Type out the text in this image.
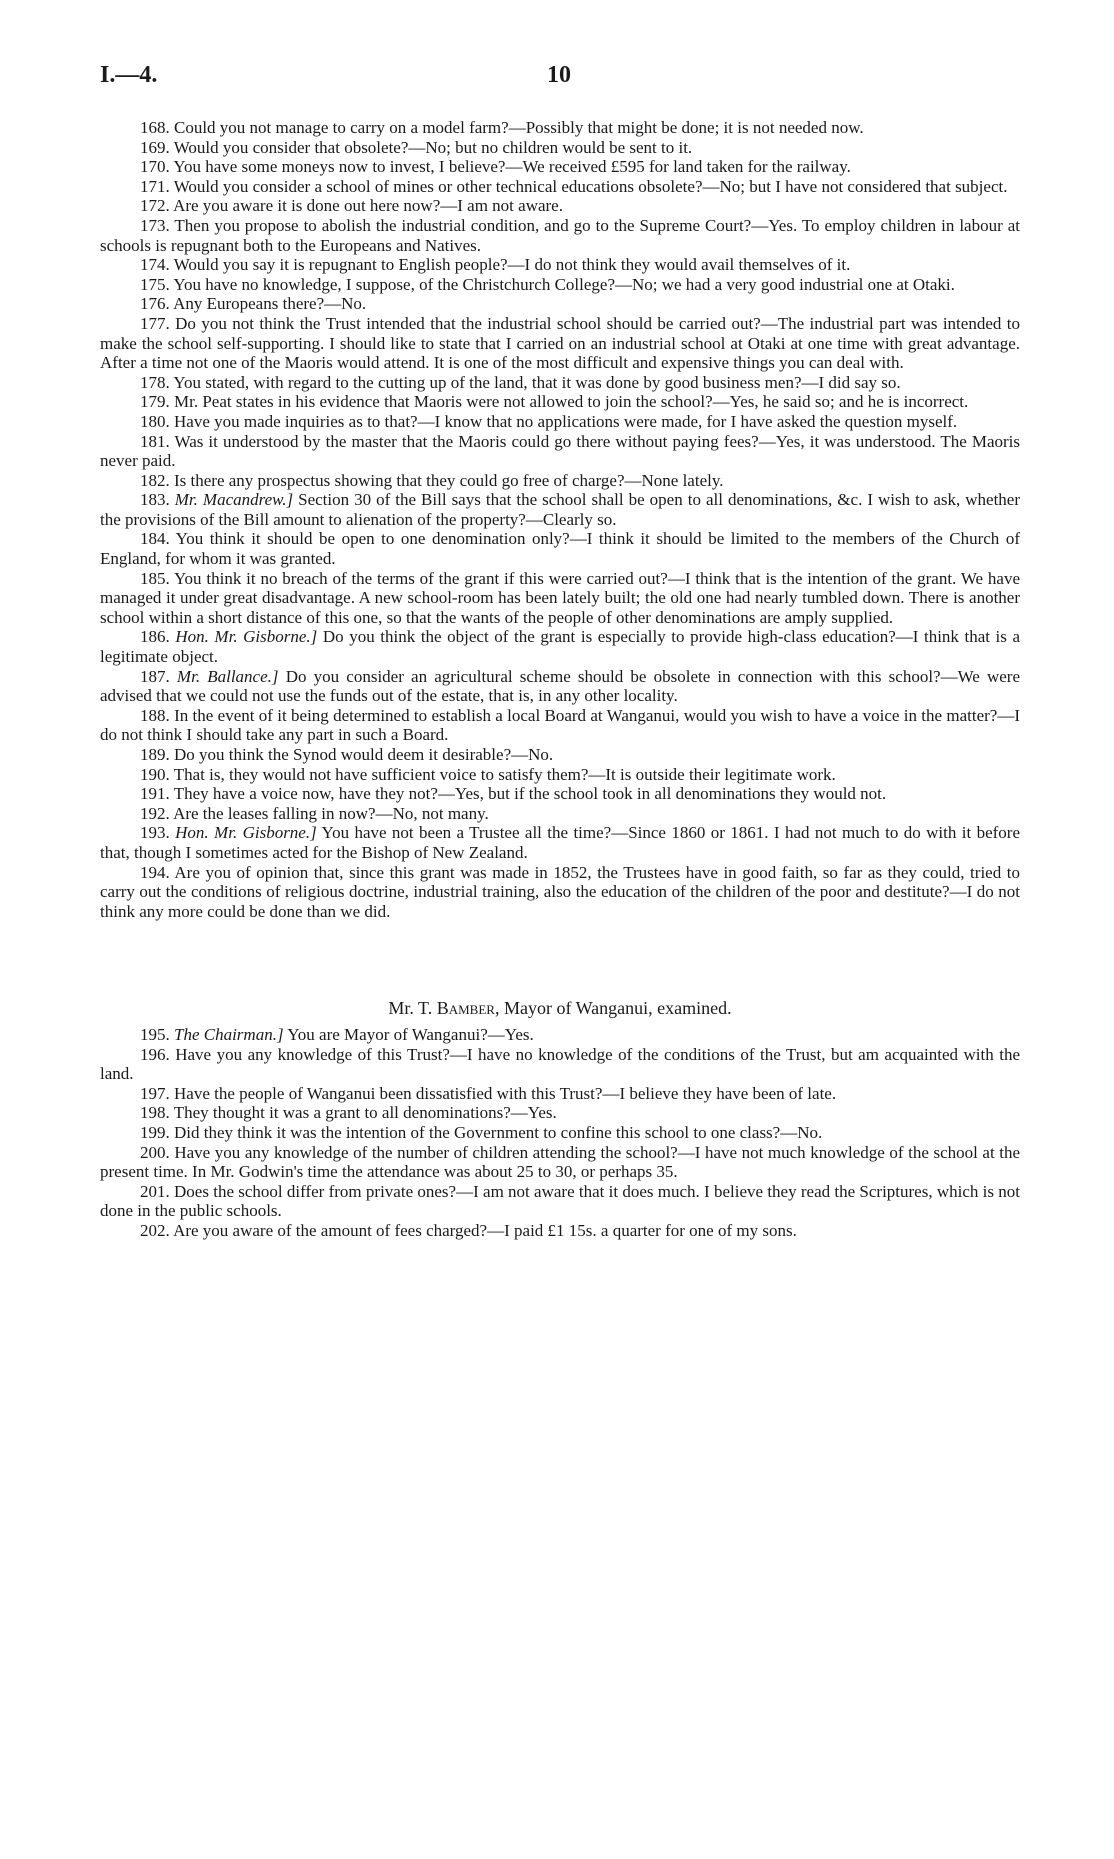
I.—4.	10

168. Could you not manage to carry on a model farm?—Possibly that might be done; it is not needed now.

169. Would you consider that obsolete?—No; but no children would be sent to it.

170. You have some moneys now to invest, I believe?—We received £595 for land taken for the railway.

171. Would you consider a school of mines or other technical educations obsolete?—No; but I have not considered that subject.

172. Are you aware it is done out here now?—I am not aware.

173. Then you propose to abolish the industrial condition, and go to the Supreme Court?—Yes. To employ children in labour at schools is repugnant both to the Europeans and Natives.

174. Would you say it is repugnant to English people?—I do not think they would avail themselves of it.

175. You have no knowledge, I suppose, of the Christchurch College?—No; we had a very good industrial one at Otaki.

176. Any Europeans there?—No.

177. Do you not think the Trust intended that the industrial school should be carried out?—The industrial part was intended to make the school self-supporting. I should like to state that I carried on an industrial school at Otaki at one time with great advantage. After a time not one of the Maoris would attend. It is one of the most difficult and expensive things you can deal with.

178. You stated, with regard to the cutting up of the land, that it was done by good business men?—I did say so.

179. Mr. Peat states in his evidence that Maoris were not allowed to join the school?—Yes, he said so; and he is incorrect.

180. Have you made inquiries as to that?—I know that no applications were made, for I have asked the question myself.

181. Was it understood by the master that the Maoris could go there without paying fees?—Yes, it was understood. The Maoris never paid.

182. Is there any prospectus showing that they could go free of charge?—None lately.

183. Mr. Macandrew.] Section 30 of the Bill says that the school shall be open to all denominations, &c. I wish to ask, whether the provisions of the Bill amount to alienation of the property?—Clearly so.

184. You think it should be open to one denomination only?—I think it should be limited to the members of the Church of England, for whom it was granted.

185. You think it no breach of the terms of the grant if this were carried out?—I think that is the intention of the grant. We have managed it under great disadvantage. A new school-room has been lately built; the old one had nearly tumbled down. There is another school within a short distance of this one, so that the wants of the people of other denominations are amply supplied.

186. Hon. Mr. Gisborne.] Do you think the object of the grant is especially to provide high-class education?—I think that is a legitimate object.

187. Mr. Ballance.] Do you consider an agricultural scheme should be obsolete in connection with this school?—We were advised that we could not use the funds out of the estate, that is, in any other locality.

188. In the event of it being determined to establish a local Board at Wanganui, would you wish to have a voice in the matter?—I do not think I should take any part in such a Board.

189. Do you think the Synod would deem it desirable?—No.

190. That is, they would not have sufficient voice to satisfy them?—It is outside their legitimate work.

191. They have a voice now, have they not?—Yes, but if the school took in all denominations they would not.

192. Are the leases falling in now?—No, not many.

193. Hon. Mr. Gisborne.] You have not been a Trustee all the time?—Since 1860 or 1861. I had not much to do with it before that, though I sometimes acted for the Bishop of New Zealand.

194. Are you of opinion that, since this grant was made in 1852, the Trustees have in good faith, so far as they could, tried to carry out the conditions of religious doctrine, industrial training, also the education of the children of the poor and destitute?—I do not think any more could be done than we did.

Mr. T. Bamber, Mayor of Wanganui, examined.

195. The Chairman.] You are Mayor of Wanganui?—Yes.

196. Have you any knowledge of this Trust?—I have no knowledge of the conditions of the Trust, but am acquainted with the land.

197. Have the people of Wanganui been dissatisfied with this Trust?—I believe they have been of late.

198. They thought it was a grant to all denominations?—Yes.

199. Did they think it was the intention of the Government to confine this school to one class?—No.

200. Have you any knowledge of the number of children attending the school?—I have not much knowledge of the school at the present time. In Mr. Godwin's time the attendance was about 25 to 30, or perhaps 35.

201. Does the school differ from private ones?—I am not aware that it does much. I believe they read the Scriptures, which is not done in the public schools.

202. Are you aware of the amount of fees charged?—I paid £1 15s. a quarter for one of my sons.
